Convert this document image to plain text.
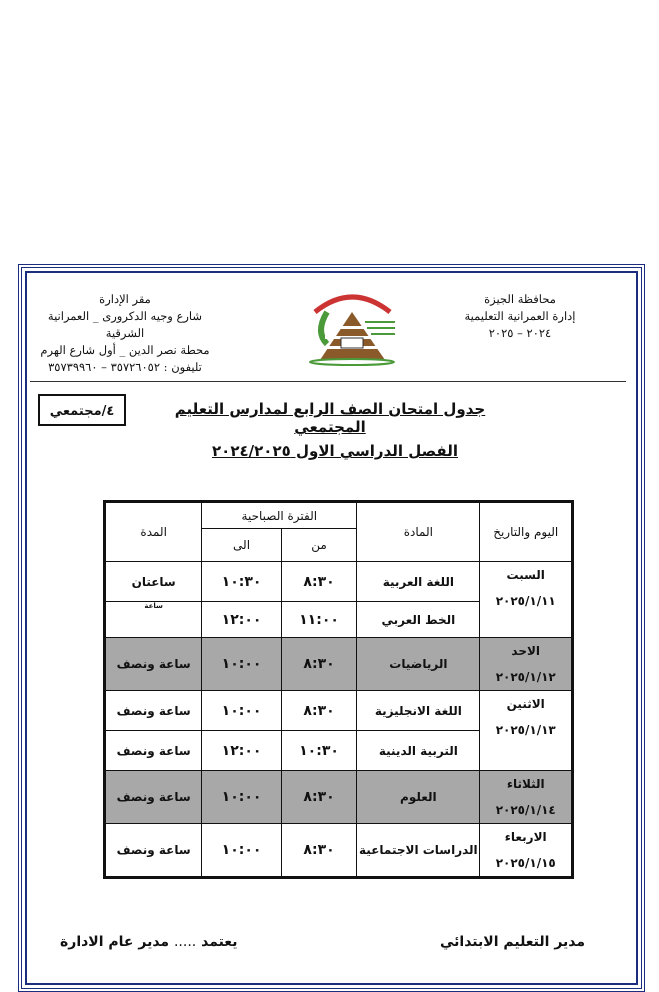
محافظة الجيزة
إدارة العمرانية التعليمية
٢٠٢٤ – ٢٠٢٥
مقر الإدارة
شارع وجيه الدكرورى _ العمرانية الشرقية
محطة نصر الدين _ أول شارع الهرم
تليفون : ٣٥٧٢٦٠٥٢ – ٣٥٧٣٩٩٦٠
جدول امتحان الصف الرابع لمدارس التعليم المجتمعي
٤/مجتمعي
الفصل الدراسي الاول ٢٠٢٤/٢٠٢٥
اليوم والتاريخ	المادة	الفترة الصباحية		المدة
		من	الى	

السبت
٢٠٢٥/١/١١	اللغة العربية	٨:٣٠	١٠:٣٠	ساعتان
	الخط العربي	١١:٠٠	١٢:٠٠	ساعة

الاحد
٢٠٢٥/١/١٢	الرياضيات	٨:٣٠	١٠:٠٠	ساعة ونصف

الاثنين
٢٠٢٥/١/١٣	اللغة الانجليزية	٨:٣٠	١٠:٠٠	ساعة ونصف
	التربية الدينية	١٠:٣٠	١٢:٠٠	ساعة ونصف

الثلاثاء
٢٠٢٥/١/١٤	العلوم	٨:٣٠	١٠:٠٠	ساعة ونصف

الاربعاء
٢٠٢٥/١/١٥	الدراسات الاجتماعية	٨:٣٠	١٠:٠٠	ساعة ونصف
مدير التعليم الابتدائي
يعتمد ..... مدير عام الادارة
